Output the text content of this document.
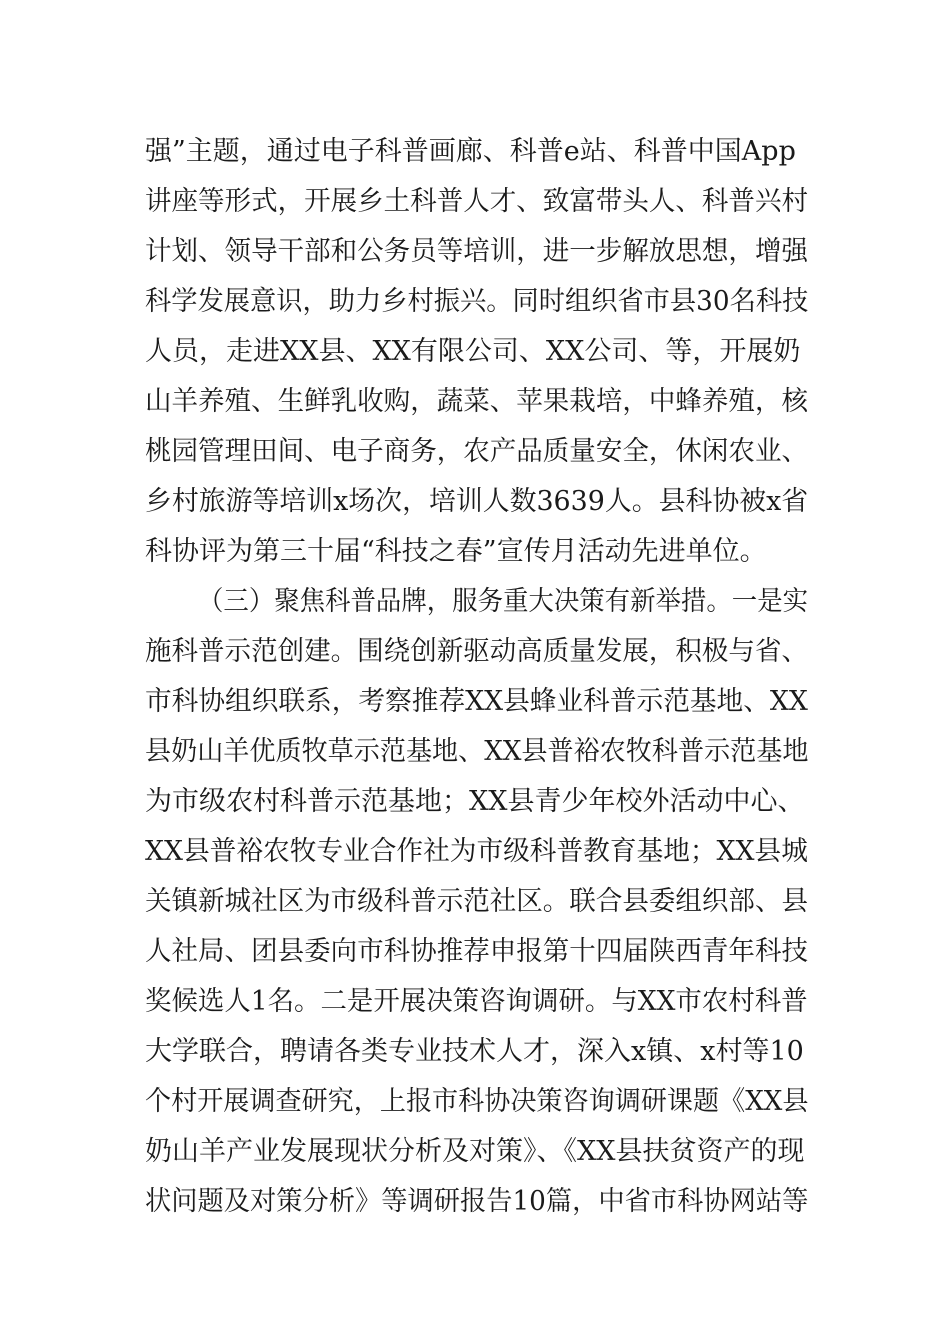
强”主题，通过电子科普画廊、科普e站、科普中国App
讲座等形式，开展乡土科普人才、致富带头人、科普兴村
计划、领导干部和公务员等培训，进一步解放思想，增强
科学发展意识，助力乡村振兴。同时组织省市县30名科技
人员，走进XX县、XX有限公司、XX公司、等，开展奶
山羊养殖、生鲜乳收购，蔬菜、苹果栽培，中蜂养殖，核
桃园管理田间、电子商务，农产品质量安全，休闲农业、
乡村旅游等培训x场次，培训人数3639人。县科协被x省
科协评为第三十届“科技之春”宣传月活动先进单位。
（三）聚焦科普品牌，服务重大决策有新举措。一是实
施科普示范创建。围绕创新驱动高质量发展，积极与省、
市科协组织联系，考察推荐XX县蜂业科普示范基地、XX
县奶山羊优质牧草示范基地、XX县普裕农牧科普示范基地
为市级农村科普示范基地；XX县青少年校外活动中心、
XX县普裕农牧专业合作社为市级科普教育基地；XX县城
关镇新城社区为市级科普示范社区。联合县委组织部、县
人社局、团县委向市科协推荐申报第十四届陕西青年科技
奖候选人1名。二是开展决策咨询调研。与XX市农村科普
大学联合，聘请各类专业技术人才，深入x镇、x村等10
个村开展调查研究，上报市科协决策咨询调研课题《XX县
奶山羊产业发展现状分析及对策》、《XX县扶贫资产的现
状问题及对策分析》等调研报告10篇，中省市科协网站等
